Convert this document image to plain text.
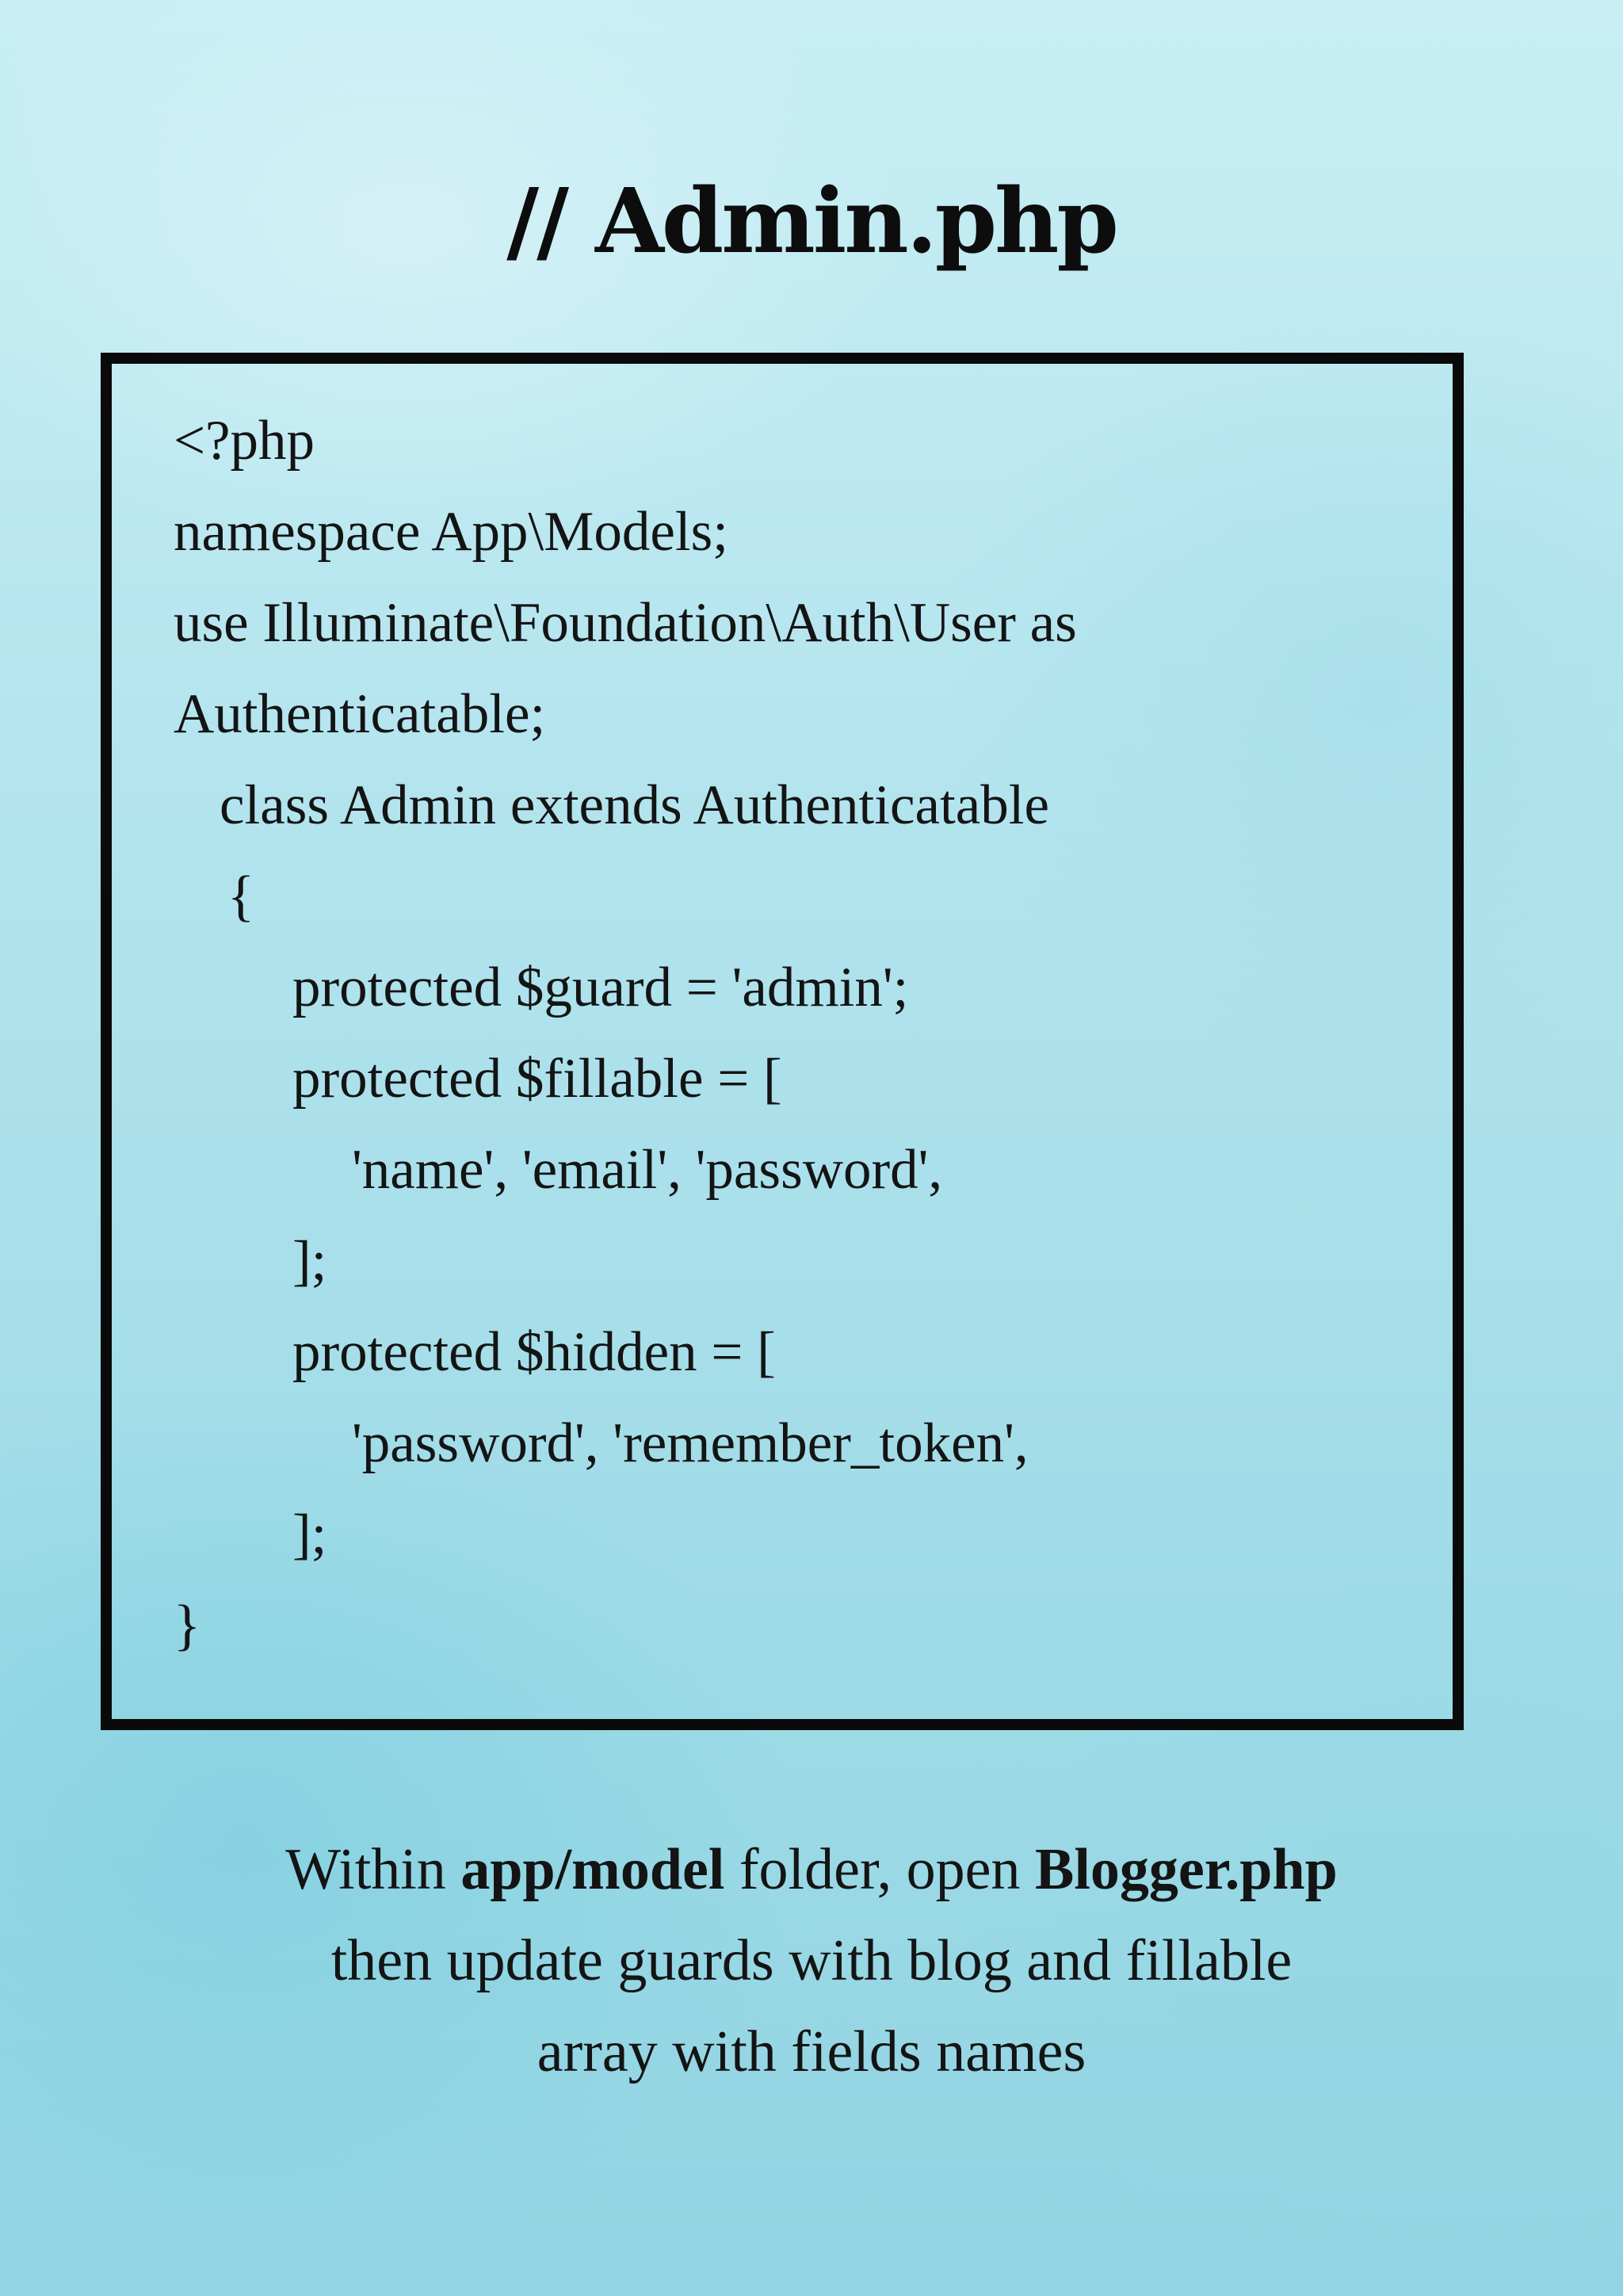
// Admin.php
<?php
namespace App\Models;
use Illuminate\Foundation\Auth\User as
Authenticatable;
class Admin extends Authenticatable
{
protected $guard = 'admin';
protected $fillable = [
'name', 'email', 'password',
];
protected $hidden = [
'password', 'remember_token',
];
}
Within app/model folder, open Blogger.php
then update guards with blog and fillable
array with fields names
